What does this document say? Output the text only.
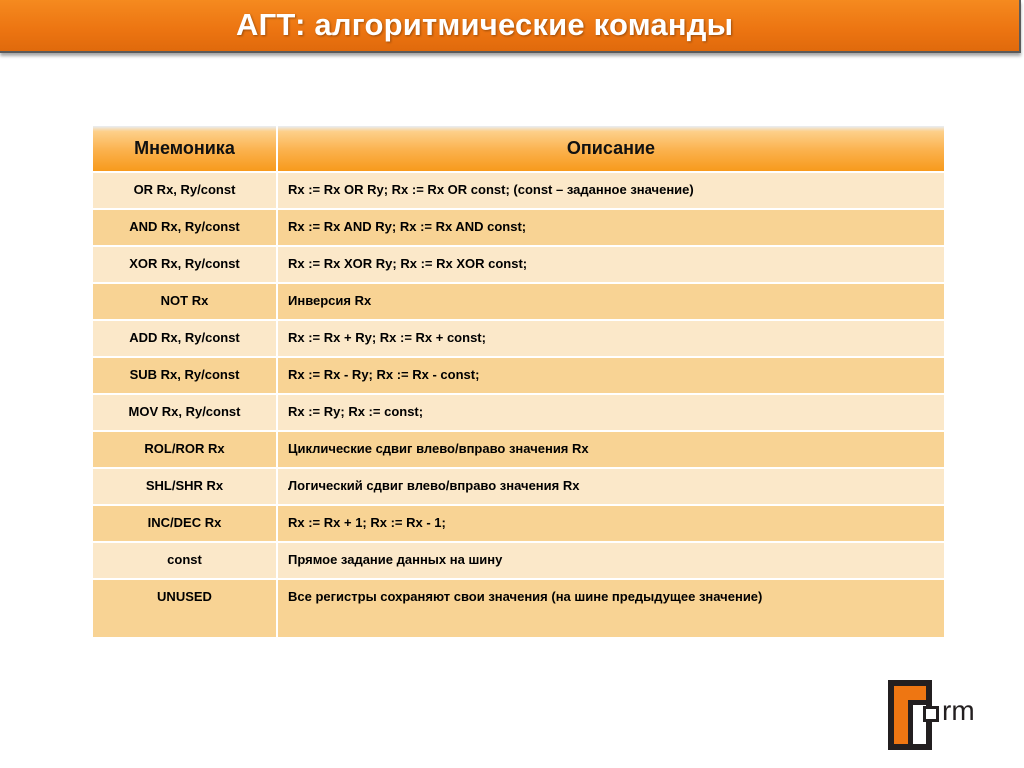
АГТ: алгоритмические команды
Мнемоника	Описание
OR Rx, Ry/const	Rx := Rx OR Ry; Rx := Rx OR const; (const – заданное значение)
AND Rx, Ry/const	Rx := Rx AND Ry; Rx := Rx AND const;
XOR Rx, Ry/const	Rx := Rx XOR Ry; Rx := Rx XOR const;
NOT Rx	Инверсия Rx
ADD Rx, Ry/const	Rx := Rx + Ry; Rx := Rx + const;
SUB Rx, Ry/const	Rx := Rx - Ry; Rx := Rx - const;
MOV Rx, Ry/const	Rx := Ry; Rx := const;
ROL/ROR Rx	Циклические сдвиг влево/вправо значения Rx
SHL/SHR Rx	Логический сдвиг влево/вправо значения Rx
INC/DEC Rx	Rx := Rx + 1; Rx := Rx - 1;
const	Прямое задание данных на шину
UNUSED	Все регистры сохраняют свои значения (на шине предыдущее значение)
rm
